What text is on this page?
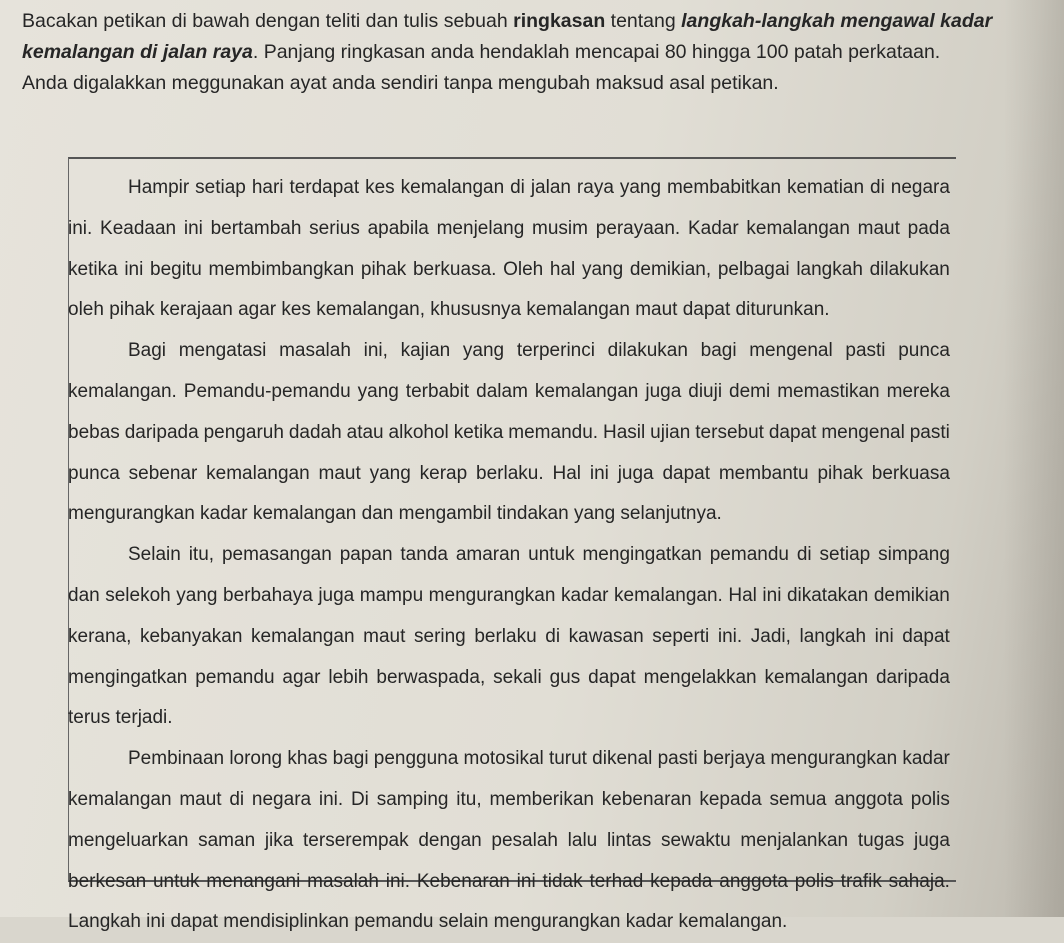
Bacakan petikan di bawah dengan teliti dan tulis sebuah ringkasan tentang langkah-langkah mengawal kadar

kemalangan di jalan raya. Panjang ringkasan anda hendaklah mencapai 80 hingga 100 patah perkataan.

Anda digalakkan meggunakan ayat anda sendiri tanpa mengubah maksud asal petikan.

Hampir setiap hari terdapat kes kemalangan di jalan raya yang membabitkan kematian di negara
ini. Keadaan ini bertambah serius apabila menjelang musim perayaan. Kadar kemalangan maut pada
ketika ini begitu membimbangkan pihak berkuasa. Oleh hal yang demikian, pelbagai langkah dilakukan
oleh pihak kerajaan agar kes kemalangan, khususnya kemalangan maut dapat diturunkan.
Bagi mengatasi masalah ini, kajian yang terperinci dilakukan bagi mengenal pasti punca
kemalangan. Pemandu-pemandu yang terbabit dalam kemalangan juga diuji demi memastikan mereka
bebas daripada pengaruh dadah atau alkohol ketika memandu. Hasil ujian tersebut dapat mengenal pasti
punca sebenar kemalangan maut yang kerap berlaku. Hal ini juga dapat membantu pihak berkuasa
mengurangkan kadar kemalangan dan mengambil tindakan yang selanjutnya.
Selain itu, pemasangan papan tanda amaran untuk mengingatkan pemandu di setiap simpang
dan selekoh yang berbahaya juga mampu mengurangkan kadar kemalangan. Hal ini dikatakan demikian
kerana, kebanyakan kemalangan maut sering berlaku di kawasan seperti ini. Jadi, langkah ini dapat
mengingatkan pemandu agar lebih berwaspada, sekali gus dapat mengelakkan kemalangan daripada
terus terjadi.
Pembinaan lorong khas bagi pengguna motosikal turut dikenal pasti berjaya mengurangkan kadar
kemalangan maut di negara ini. Di samping itu, memberikan kebenaran kepada semua anggota polis
mengeluarkan saman jika terserempak dengan pesalah lalu lintas sewaktu menjalankan tugas juga
berkesan untuk menangani masalah ini. Kebenaran ini tidak terhad kepada anggota polis trafik sahaja.
Langkah ini dapat mendisiplinkan pemandu selain mengurangkan kadar kemalangan.
